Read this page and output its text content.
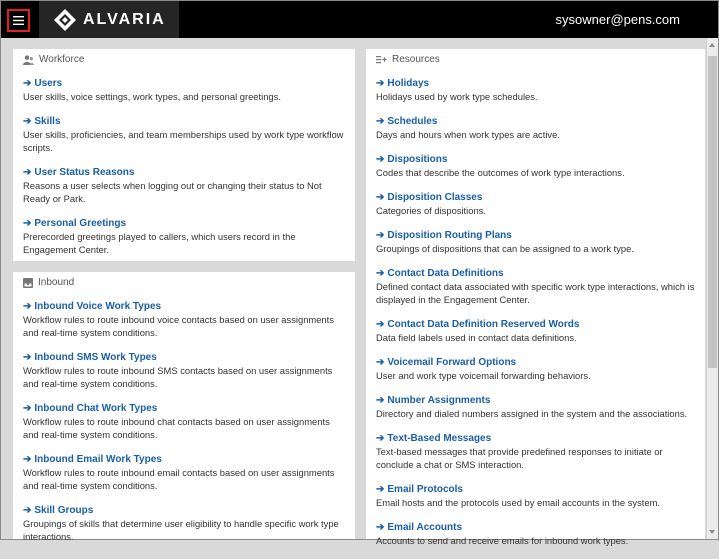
ALVARIA	sysowner@pens.com
Workforce
➔ Users
User skills, voice settings, work types, and personal greetings.
➔ Skills
User skills, proficiencies, and team memberships used by work type workflow scripts.
➔ User Status Reasons
Reasons a user selects when logging out or changing their status to Not Ready or Park.
➔ Personal Greetings
Prerecorded greetings played to callers, which users record in the Engagement Center.
Inbound
➔ Inbound Voice Work Types
Workflow rules to route inbound voice contacts based on user assignments and real-time system conditions.
➔ Inbound SMS Work Types
Workflow rules to route inbound SMS contacts based on user assignments and real-time system conditions.
➔ Inbound Chat Work Types
Workflow rules to route inbound chat contacts based on user assignments and real-time system conditions.
➔ Inbound Email Work Types
Workflow rules to route inbound email contacts based on user assignments and real-time system conditions.
➔ Skill Groups
Groupings of skills that determine user eligibility to handle specific work type interactions.
Resources
➔ Holidays
Holidays used by work type schedules.
➔ Schedules
Days and hours when work types are active.
➔ Dispositions
Codes that describe the outcomes of work type interactions.
➔ Disposition Classes
Categories of dispositions.
➔ Disposition Routing Plans
Groupings of dispositions that can be assigned to a work type.
➔ Contact Data Definitions
Defined contact data associated with specific work type interactions, which is displayed in the Engagement Center.
➔ Contact Data Definition Reserved Words
Data field labels used in contact data definitions.
➔ Voicemail Forward Options
User and work type voicemail forwarding behaviors.
➔ Number Assignments
Directory and dialed numbers assigned in the system and the associations.
➔ Text-Based Messages
Text-based messages that provide predefined responses to initiate or conclude a chat or SMS interaction.
➔ Email Protocols
Email hosts and the protocols used by email accounts in the system.
➔ Email Accounts
Accounts to send and receive emails for inbound work types.
